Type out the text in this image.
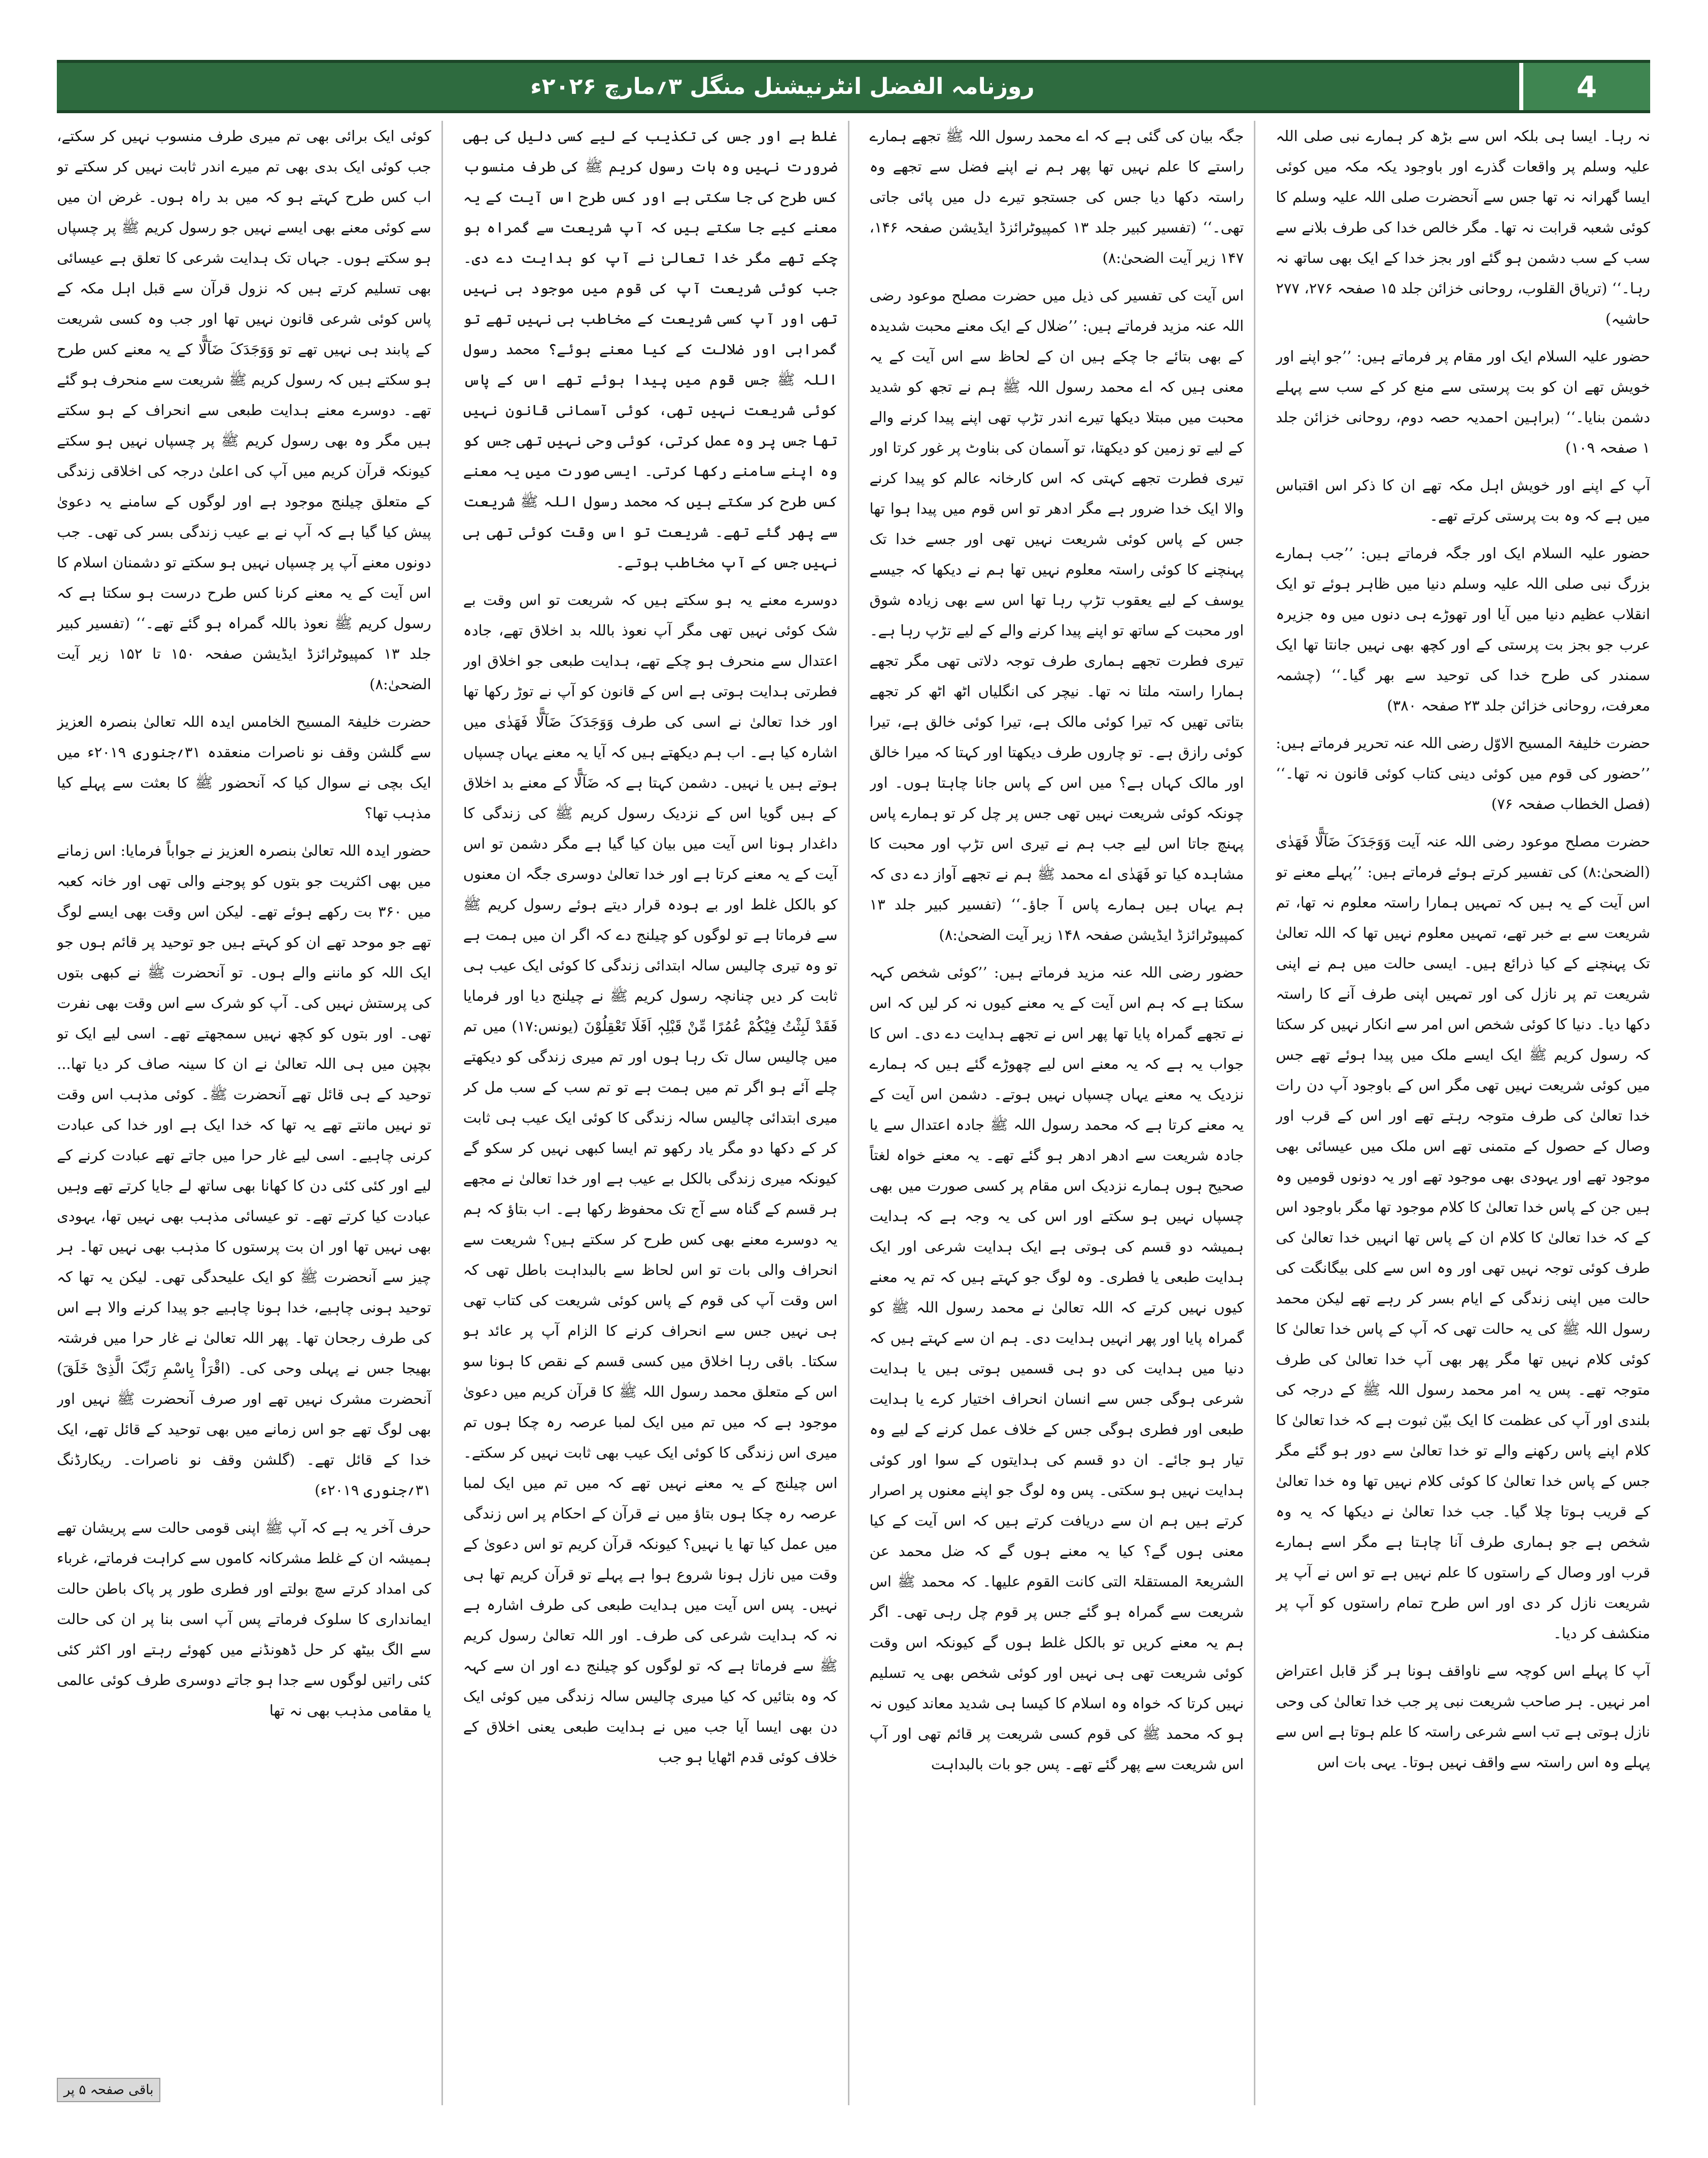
روزنامہ الفضل انٹرنیشنل منگل ۳؍مارچ ۲۰۲۶ء	4

نہ رہا۔ ایسا ہی بلکہ اس سے بڑھ کر ہمارے نبی صلی اللہ علیہ وسلم پر واقعات گذرے اور باوجود یکہ مکہ میں کوئی ایسا گھرانہ نہ تھا جس سے آنحضرت صلی اللہ علیہ وسلم کا کوئی شعبہ قرابت نہ تھا۔ مگر خالص خدا کی طرف بلانے سے سب کے سب دشمن ہو گئے اور بجز خدا کے ایک بھی ساتھ نہ رہا۔‘‘ (تریاق القلوب، روحانی خزائن جلد ۱۵ صفحہ ۲۷۶، ۲۷۷ حاشیہ)

حضور علیہ السلام ایک اور مقام پر فرماتے ہیں: ’’جو اپنے اور خویش تھے ان کو بت پرستی سے منع کر کے سب سے پہلے دشمن بنایا۔‘‘ (براہین احمدیہ حصہ دوم، روحانی خزائن جلد ۱ صفحہ ۱۰۹)

آپ کے اپنے اور خویش اہل مکہ تھے ان کا ذکر اس اقتباس میں ہے کہ وہ بت پرستی کرتے تھے۔

حضور علیہ السلام ایک اور جگہ فرماتے ہیں: ’’جب ہمارے بزرگ نبی صلی اللہ علیہ وسلم دنیا میں ظاہر ہوئے تو ایک انقلاب عظیم دنیا میں آیا اور تھوڑے ہی دنوں میں وہ جزیرہ عرب جو بجز بت پرستی کے اور کچھ بھی نہیں جانتا تھا ایک سمندر کی طرح خدا کی توحید سے بھر گیا۔‘‘ (چشمہ معرفت، روحانی خزائن جلد ۲۳ صفحہ ۳۸۰)

حضرت خلیفۃ المسیح الاوّل رضی اللہ عنہ تحریر فرماتے ہیں: ’’حضور کی قوم میں کوئی دینی کتاب کوئی قانون نہ تھا۔‘‘ (فصل الخطاب صفحہ ۷۶)

حضرت مصلح موعود رضی اللہ عنہ آیت وَوَجَدَکَ ضَآلًّا فَھَدٰی (الضحیٰ:۸) کی تفسیر کرتے ہوئے فرماتے ہیں: ’’پہلے معنے تو اس آیت کے یہ ہیں کہ تمہیں ہمارا راستہ معلوم نہ تھا، تم شریعت سے بے خبر تھے، تمہیں معلوم نہیں تھا کہ اللہ تعالیٰ تک پہنچنے کے کیا ذرائع ہیں۔ ایسی حالت میں ہم نے اپنی شریعت تم پر نازل کی اور تمہیں اپنی طرف آنے کا راستہ دکھا دیا۔ دنیا کا کوئی شخص اس امر سے انکار نہیں کر سکتا کہ رسول کریم ﷺ ایک ایسے ملک میں پیدا ہوئے تھے جس میں کوئی شریعت نہیں تھی مگر اس کے باوجود آپ دن رات خدا تعالیٰ کی طرف متوجہ رہتے تھے اور اس کے قرب اور وصال کے حصول کے متمنی تھے اس ملک میں عیسائی بھی موجود تھے اور یہودی بھی موجود تھے اور یہ دونوں قومیں وہ ہیں جن کے پاس خدا تعالیٰ کا کلام موجود تھا مگر باوجود اس کے کہ خدا تعالیٰ کا کلام ان کے پاس تھا انہیں خدا تعالیٰ کی طرف کوئی توجہ نہیں تھی اور وہ اس سے کلی بیگانگت کی حالت میں اپنی زندگی کے ایام بسر کر رہے تھے لیکن محمد رسول اللہ ﷺ کی یہ حالت تھی کہ آپ کے پاس خدا تعالیٰ کا کوئی کلام نہیں تھا مگر پھر بھی آپ خدا تعالیٰ کی طرف متوجہ تھے۔ پس یہ امر محمد رسول اللہ ﷺ کے درجہ کی بلندی اور آپ کی عظمت کا ایک بیّن ثبوت ہے کہ خدا تعالیٰ کا کلام اپنے پاس رکھنے والے تو خدا تعالیٰ سے دور ہو گئے مگر جس کے پاس خدا تعالیٰ کا کوئی کلام نہیں تھا وہ خدا تعالیٰ کے قریب ہوتا چلا گیا۔ جب خدا تعالیٰ نے دیکھا کہ یہ وہ شخص ہے جو ہماری طرف آنا چاہتا ہے مگر اسے ہمارے قرب اور وصال کے راستوں کا علم نہیں ہے تو اس نے آپ پر شریعت نازل کر دی اور اس طرح تمام راستوں کو آپ پر منکشف کر دیا۔

آپ کا پہلے اس کوچہ سے ناواقف ہونا ہر گز قابل اعتراض امر نہیں۔ ہر صاحب شریعت نبی پر جب خدا تعالیٰ کی وحی نازل ہوتی ہے تب اسے شرعی راستہ کا علم ہوتا ہے اس سے پہلے وہ اس راستہ سے واقف نہیں ہوتا۔ یہی بات اس

جگہ بیان کی گئی ہے کہ اے محمد رسول اللہ ﷺ تجھے ہمارے راستے کا علم نہیں تھا پھر ہم نے اپنے فضل سے تجھے وہ راستہ دکھا دیا جس کی جستجو تیرے دل میں پائی جاتی تھی۔‘‘ (تفسیر کبیر جلد ۱۳ کمپیوٹرائزڈ ایڈیشن صفحہ ۱۴۶، ۱۴۷ زیر آیت الضحیٰ:۸)

اس آیت کی تفسیر کی ذیل میں حضرت مصلح موعود رضی اللہ عنہ مزید فرماتے ہیں: ’’ضلال کے ایک معنے محبت شدیدہ کے بھی بتائے جا چکے ہیں ان کے لحاظ سے اس آیت کے یہ معنی ہیں کہ اے محمد رسول اللہ ﷺ ہم نے تجھ کو شدید محبت میں مبتلا دیکھا تیرے اندر تڑپ تھی اپنے پیدا کرنے والے کے لیے تو زمین کو دیکھتا، تو آسمان کی بناوٹ پر غور کرتا اور تیری فطرت تجھے کہتی کہ اس کارخانہ عالم کو پیدا کرنے والا ایک خدا ضرور ہے مگر ادھر تو اس قوم میں پیدا ہوا تھا جس کے پاس کوئی شریعت نہیں تھی اور جسے خدا تک پہنچنے کا کوئی راستہ معلوم نہیں تھا ہم نے دیکھا کہ جیسے یوسف کے لیے یعقوب تڑپ رہا تھا اس سے بھی زیادہ شوق اور محبت کے ساتھ تو اپنے پیدا کرنے والے کے لیے تڑپ رہا ہے۔ تیری فطرت تجھے ہماری طرف توجہ دلاتی تھی مگر تجھے ہمارا راستہ ملتا نہ تھا۔ نیچر کی انگلیاں اٹھ اٹھ کر تجھے بتاتی تھیں کہ تیرا کوئی مالک ہے، تیرا کوئی خالق ہے، تیرا کوئی رازق ہے۔ تو چاروں طرف دیکھتا اور کہتا کہ میرا خالق اور مالک کہاں ہے؟ میں اس کے پاس جانا چاہتا ہوں۔ اور چونکہ کوئی شریعت نہیں تھی جس پر چل کر تو ہمارے پاس پہنچ جاتا اس لیے جب ہم نے تیری اس تڑپ اور محبت کا مشاہدہ کیا تو فَھَدٰی اے محمد ﷺ ہم نے تجھے آواز دے دی کہ ہم یہاں ہیں ہمارے پاس آ جاؤ۔‘‘ (تفسیر کبیر جلد ۱۳ کمپیوٹرائزڈ ایڈیشن صفحہ ۱۴۸ زیر آیت الضحیٰ:۸)

حضور رضی اللہ عنہ مزید فرماتے ہیں: ’’کوئی شخص کہہ سکتا ہے کہ ہم اس آیت کے یہ معنے کیوں نہ کر لیں کہ اس نے تجھے گمراہ پایا تھا پھر اس نے تجھے ہدایت دے دی۔ اس کا جواب یہ ہے کہ یہ معنے اس لیے چھوڑے گئے ہیں کہ ہمارے نزدیک یہ معنے یہاں چسپاں نہیں ہوتے۔ دشمن اس آیت کے یہ معنے کرتا ہے کہ محمد رسول اللہ ﷺ جادہ اعتدال سے یا جادہ شریعت سے ادھر ادھر ہو گئے تھے۔ یہ معنے خواہ لغتاً صحیح ہوں ہمارے نزدیک اس مقام پر کسی صورت میں بھی چسپاں نہیں ہو سکتے اور اس کی یہ وجہ ہے کہ ہدایت ہمیشہ دو قسم کی ہوتی ہے ایک ہدایت شرعی اور ایک ہدایت طبعی یا فطری۔ وہ لوگ جو کہتے ہیں کہ تم یہ معنے کیوں نہیں کرتے کہ اللہ تعالیٰ نے محمد رسول اللہ ﷺ کو گمراہ پایا اور پھر انہیں ہدایت دی۔ ہم ان سے کہتے ہیں کہ دنیا میں ہدایت کی دو ہی قسمیں ہوتی ہیں یا ہدایت شرعی ہوگی جس سے انسان انحراف اختیار کرے یا ہدایت طبعی اور فطری ہوگی جس کے خلاف عمل کرنے کے لیے وہ تیار ہو جائے۔ ان دو قسم کی ہدایتوں کے سوا اور کوئی ہدایت نہیں ہو سکتی۔ پس وہ لوگ جو اپنے معنوں پر اصرار کرتے ہیں ہم ان سے دریافت کرتے ہیں کہ اس آیت کے کیا معنی ہوں گے؟ کیا یہ معنے ہوں گے کہ ضل محمد عن الشریعۃ المستقلۃ التی کانت القوم علیھا۔ کہ محمد ﷺ اس شریعت سے گمراہ ہو گئے جس پر قوم چل رہی تھی۔ اگر ہم یہ معنے کریں تو بالکل غلط ہوں گے کیونکہ اس وقت کوئی شریعت تھی ہی نہیں اور کوئی شخص بھی یہ تسلیم نہیں کرتا کہ خواہ وہ اسلام کا کیسا ہی شدید معاند کیوں نہ ہو کہ محمد ﷺ کی قوم کسی شریعت پر قائم تھی اور آپ اس شریعت سے پھر گئے تھے۔ پس جو بات بالبداہت

غلط ہے اور جس کی تکذیب کے لیے کسی دلیل کی بھی ضرورت نہیں وہ بات رسول کریم ﷺ کی طرف منسوب کس طرح کی جا سکتی ہے اور کس طرح اس آیت کے یہ معنے کیے جا سکتے ہیں کہ آپ شریعت سے گمراہ ہو چکے تھے مگر خدا تعالیٰ نے آپ کو ہدایت دے دی۔ جب کوئی شریعت آپ کی قوم میں موجود ہی نہیں تھی اور آپ کسی شریعت کے مخاطب ہی نہیں تھے تو گمراہی اور ضلالت کے کیا معنے ہوئے؟ محمد رسول اللہ ﷺ جس قوم میں پیدا ہوئے تھے اس کے پاس کوئی شریعت نہیں تھی، کوئی آسمانی قانون نہیں تھا جس پر وہ عمل کرتی، کوئی وحی نہیں تھی جس کو وہ اپنے سامنے رکھا کرتی۔ ایسی صورت میں یہ معنے کس طرح کر سکتے ہیں کہ محمد رسول اللہ ﷺ شریعت سے پھر گئے تھے۔ شریعت تو اس وقت کوئی تھی ہی نہیں جس کے آپ مخاطب ہوتے۔

دوسرے معنے یہ ہو سکتے ہیں کہ شریعت تو اس وقت بے شک کوئی نہیں تھی مگر آپ نعوذ باللہ بد اخلاق تھے، جادہ اعتدال سے منحرف ہو چکے تھے، ہدایت طبعی جو اخلاق اور فطرتی ہدایت ہوتی ہے اس کے قانون کو آپ نے توڑ رکھا تھا اور خدا تعالیٰ نے اسی کی طرف وَوَجَدَکَ ضَآلًّا فَھَدٰی میں اشارہ کیا ہے۔ اب ہم دیکھتے ہیں کہ آیا یہ معنے یہاں چسپاں ہوتے ہیں یا نہیں۔ دشمن کہتا ہے کہ ضَآلًّا کے معنے بد اخلاق کے ہیں گویا اس کے نزدیک رسول کریم ﷺ کی زندگی کا داغدار ہونا اس آیت میں بیان کیا گیا ہے مگر دشمن تو اس آیت کے یہ معنے کرتا ہے اور خدا تعالیٰ دوسری جگہ ان معنوں کو بالکل غلط اور بے ہودہ قرار دیتے ہوئے رسول کریم ﷺ سے فرماتا ہے تو لوگوں کو چیلنج دے کہ اگر ان میں ہمت ہے تو وہ تیری چالیس سالہ ابتدائی زندگی کا کوئی ایک عیب ہی ثابت کر دیں چنانچہ رسول کریم ﷺ نے چیلنج دیا اور فرمایا فَقَدْ لَبِثْتُ فِیْکُمْ عُمُرًا مِّنْ قَبْلِہٖ اَفَلَا تَعْقِلُوْنَ (یونس:۱۷) میں تم میں چالیس سال تک رہا ہوں اور تم میری زندگی کو دیکھتے چلے آئے ہو اگر تم میں ہمت ہے تو تم سب کے سب مل کر میری ابتدائی چالیس سالہ زندگی کا کوئی ایک عیب ہی ثابت کر کے دکھا دو مگر یاد رکھو تم ایسا کبھی نہیں کر سکو گے کیونکہ میری زندگی بالکل بے عیب ہے اور خدا تعالیٰ نے مجھے ہر قسم کے گناہ سے آج تک محفوظ رکھا ہے۔ اب بتاؤ کہ ہم یہ دوسرے معنے بھی کس طرح کر سکتے ہیں؟ شریعت سے انحراف والی بات تو اس لحاظ سے بالبداہت باطل تھی کہ اس وقت آپ کی قوم کے پاس کوئی شریعت کی کتاب تھی ہی نہیں جس سے انحراف کرنے کا الزام آپ پر عائد ہو سکتا۔ باقی رہا اخلاق میں کسی قسم کے نقص کا ہونا سو اس کے متعلق محمد رسول اللہ ﷺ کا قرآن کریم میں دعویٰ موجود ہے کہ میں تم میں ایک لمبا عرصہ رہ چکا ہوں تم میری اس زندگی کا کوئی ایک عیب بھی ثابت نہیں کر سکتے۔ اس چیلنج کے یہ معنے نہیں تھے کہ میں تم میں ایک لمبا عرصہ رہ چکا ہوں بتاؤ میں نے قرآن کے احکام پر اس زندگی میں عمل کیا تھا یا نہیں؟ کیونکہ قرآن کریم تو اس دعویٰ کے وقت میں نازل ہونا شروع ہوا ہے پہلے تو قرآن کریم تھا ہی نہیں۔ پس اس آیت میں ہدایت طبعی کی طرف اشارہ ہے نہ کہ ہدایت شرعی کی طرف۔ اور اللہ تعالیٰ رسول کریم ﷺ سے فرماتا ہے کہ تو لوگوں کو چیلنج دے اور ان سے کہہ کہ وہ بتائیں کہ کیا میری چالیس سالہ زندگی میں کوئی ایک دن بھی ایسا آیا جب میں نے ہدایت طبعی یعنی اخلاق کے خلاف کوئی قدم اٹھایا ہو جب

کوئی ایک برائی بھی تم میری طرف منسوب نہیں کر سکتے، جب کوئی ایک بدی بھی تم میرے اندر ثابت نہیں کر سکتے تو اب کس طرح کہتے ہو کہ میں بد راہ ہوں۔ غرض ان میں سے کوئی معنے بھی ایسے نہیں جو رسول کریم ﷺ پر چسپاں ہو سکتے ہوں۔ جہاں تک ہدایت شرعی کا تعلق ہے عیسائی بھی تسلیم کرتے ہیں کہ نزول قرآن سے قبل اہل مکہ کے پاس کوئی شرعی قانون نہیں تھا اور جب وہ کسی شریعت کے پابند ہی نہیں تھے تو وَوَجَدَکَ ضَآلًّا کے یہ معنے کس طرح ہو سکتے ہیں کہ رسول کریم ﷺ شریعت سے منحرف ہو گئے تھے۔ دوسرے معنے ہدایت طبعی سے انحراف کے ہو سکتے ہیں مگر وہ بھی رسول کریم ﷺ پر چسپاں نہیں ہو سکتے کیونکہ قرآن کریم میں آپ کی اعلیٰ درجہ کی اخلاقی زندگی کے متعلق چیلنج موجود ہے اور لوگوں کے سامنے یہ دعویٰ پیش کیا گیا ہے کہ آپ نے بے عیب زندگی بسر کی تھی۔ جب دونوں معنے آپ پر چسپاں نہیں ہو سکتے تو دشمنان اسلام کا اس آیت کے یہ معنے کرنا کس طرح درست ہو سکتا ہے کہ رسول کریم ﷺ نعوذ باللہ گمراہ ہو گئے تھے۔‘‘ (تفسیر کبیر جلد ۱۳ کمپیوٹرائزڈ ایڈیشن صفحہ ۱۵۰ تا ۱۵۲ زیر آیت الضحیٰ:۸)

حضرت خلیفۃ المسیح الخامس ایدہ اللہ تعالیٰ بنصرہ العزیز سے گلشن وقف نو ناصرات منعقدہ ۳۱؍جنوری ۲۰۱۹ء میں ایک بچی نے سوال کیا کہ آنحضور ﷺ کا بعثت سے پہلے کیا مذہب تھا؟

حضور ایدہ اللہ تعالیٰ بنصرہ العزیز نے جواباً فرمایا: اس زمانے میں بھی اکثریت جو بتوں کو پوجنے والی تھی اور خانہ کعبہ میں ۳۶۰ بت رکھے ہوئے تھے۔ لیکن اس وقت بھی ایسے لوگ تھے جو موحد تھے ان کو کہتے ہیں جو توحید پر قائم ہوں جو ایک اللہ کو ماننے والے ہوں۔ تو آنحضرت ﷺ نے کبھی بتوں کی پرستش نہیں کی۔ آپ کو شرک سے اس وقت بھی نفرت تھی۔ اور بتوں کو کچھ نہیں سمجھتے تھے۔ اسی لیے ایک تو بچپن میں ہی اللہ تعالیٰ نے ان کا سینہ صاف کر دیا تھا... توحید کے ہی قائل تھے آنحضرت ﷺ۔ کوئی مذہب اس وقت تو نہیں مانتے تھے یہ تھا کہ خدا ایک ہے اور خدا کی عبادت کرنی چاہیے۔ اسی لیے غار حرا میں جاتے تھے عبادت کرنے کے لیے اور کئی کئی دن کا کھانا بھی ساتھ لے جایا کرتے تھے وہیں عبادت کیا کرتے تھے۔ تو عیسائی مذہب بھی نہیں تھا، یہودی بھی نہیں تھا اور ان بت پرستوں کا مذہب بھی نہیں تھا۔ ہر چیز سے آنحضرت ﷺ کو ایک علیحدگی تھی۔ لیکن یہ تھا کہ توحید ہونی چاہیے، خدا ہونا چاہیے جو پیدا کرنے والا ہے اس کی طرف رجحان تھا۔ پھر اللہ تعالیٰ نے غار حرا میں فرشتہ بھیجا جس نے پہلی وحی کی۔ (اقْرَاْ بِاسْمِ رَبِّکَ الَّذِیْ خَلَقَ) آنحضرت مشرک نہیں تھے اور صرف آنحضرت ﷺ نہیں اور بھی لوگ تھے جو اس زمانے میں بھی توحید کے قائل تھے، ایک خدا کے قائل تھے۔ (گلشن وقف نو ناصرات۔ ریکارڈنگ ۳۱؍جنوری ۲۰۱۹ء)

حرف آخر یہ ہے کہ آپ ﷺ اپنی قومی حالت سے پریشان تھے ہمیشہ ان کے غلط مشرکانہ کاموں سے کراہت فرماتے، غرباء کی امداد کرتے سچ بولتے اور فطری طور پر پاک باطن حالت ایمانداری کا سلوک فرماتے پس آپ اسی بنا پر ان کی حالت سے الگ بیٹھ کر حل ڈھونڈنے میں کھوئے رہتے اور اکثر کئی کئی راتیں لوگوں سے جدا ہو جاتے دوسری طرف کوئی عالمی یا مقامی مذہب بھی نہ تھا

باقی صفحہ ۵ پر
